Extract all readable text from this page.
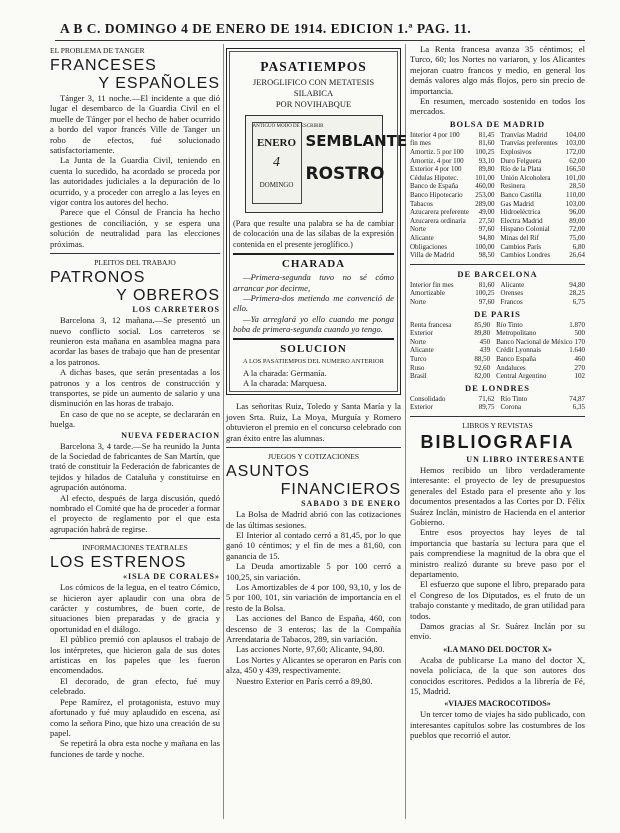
A B C. DOMINGO 4 DE ENERO DE 1914. EDICION 1.ª PAG. 11.
EL PROBLEMA DE TANGER
FRANCESES
Y ESPAÑOLES

Tánger 3, 11 noche.—El incidente a que dió lugar el desembarco de la Guardia Civil en el muelle de Tánger por el hecho de haber ocurrido a bordo del vapor francés Ville de Tanger un robo de efectos, fué solucionado satisfactoriamente.

La Junta de la Guardia Civil, teniendo en cuenta lo sucedido, ha acordado se proceda por las autoridades judiciales a la depuración de lo ocurrido, y a proceder con arreglo a las leyes en vigor contra los autores del hecho.

Parece que el Cónsul de Francia ha hecho gestiones de conciliación, y se espera una solución de neutralidad para las elecciones próximas.

PLEITOS DEL TRABAJO
PATRONOS
Y OBREROS
LOS CARRETEROS

Barcelona 3, 12 mañana.—Se presentó un nuevo conflicto social. Los carreteros se reunieron esta mañana en asamblea magna para acordar las bases de trabajo que han de presentar a los patronos.

A dichas bases, que serán presentadas a los patronos y a los centros de construcción y transportes, se pide un aumento de salario y una disminución en las horas de trabajo.

En caso de que no se acepte, se declararán en huelga.

NUEVA FEDERACION

Barcelona 3, 4 tarde.—Se ha reunido la Junta de la Sociedad de fabricantes de San Martín, que trató de constituir la Federación de fabricantes de tejidos y hilados de Cataluña y constituirse en agrupación autónoma.

Al efecto, después de larga discusión, quedó nombrado el Comité que ha de proceder a formar el proyecto de reglamento por el que esta agrupación habrá de regirse.

INFORMACIONES TEATRALES
LOS ESTRENOS
«ISLA DE CORALES»

Los cómicos de la legua, en el teatro Cómico, se hicieron ayer aplaudir con una obra de carácter y costumbres, de buen corte, de situaciones bien preparadas y de gracia y oportunidad en el diálogo.

El público premió con aplausos el trabajo de los intérpretes, que hicieron gala de sus dotes artísticas en los papeles que les fueron encomendados.

El decorado, de gran efecto, fué muy celebrado.

Pepe Ramírez, el protagonista, estuvo muy afortunado y fué muy aplaudido en escena, así como la señora Pino, que hizo una creación de su papel.

Se repetirá la obra esta noche y mañana en las funciones de tarde y noche.

PASATIEMPOS
JEROGLIFICO CON METATESIS
SILABICA
POR NOVIHABQUE
ANTIGUO MODO DE ESCRIBIR
ENERO
4
DOMINGO
SEMBLANTE
ROSTRO
(Para que resulte una palabra se ha de cambiar de colocación una de las sílabas de la expresión contenida en el presente jeroglífico.)
CHARADA

—Primera-segunda tuvo no sé cómo arrancar por decirme,

—Primera-dos metiendo me convenció de ello.

—Ya arreglará yo ello cuando me ponga boba de primera-segunda cuando yo tengo.

SOLUCION
A LOS PASATIEMPOS DEL NUMERO ANTERIOR

A la charada: Germanía.

A la charada: Marquesa.

Las señoritas Ruiz, Toledo y Santa María y la joven Srta. Ruiz, La Moya, Murguía y Romero obtuvieron el premio en el concurso celebrado con gran éxito entre las alumnas.

JUEGOS Y COTIZACIONES
ASUNTOS
FINANCIEROS
SABADO 3 DE ENERO

La Bolsa de Madrid abrió con las cotizaciones de las últimas sesiones.

El Interior al contado cerró a 81,45, por lo que ganó 10 céntimos; y el fin de mes a 81,60, con ganancia de 15.

La Deuda amortizable 5 por 100 cerró a 100,25, sin variación.

Los Amortizables de 4 por 100, 93,10, y los de 5 por 100, 101, sin variación de importancia en el resto de la Bolsa.

Las acciones del Banco de España, 460, con descenso de 3 enteros; las de la Compañía Arrendataria de Tabacos, 289, sin variación.

Las acciones Norte, 97,60; Alicante, 94,80.

Los Nortes y Alicantes se operaron en París con alza, 450 y 439, respectivamente.

Nuestro Exterior en París cerró a 89,80.

La Renta francesa avanza 35 céntimos; el Turco, 60; los Nortes no variaron, y los Alicantes mejoran cuatro francos y medio, en general los demás valores algo más flojos, pero sin precio de importancia.

En resumen, mercado sostenido en todos los mercados.

BOLSA DE MADRID
Interior 4 por 100	81,45
fin mes	81,60
Amortiz. 5 por 100 100,25
Amortiz. 4 por 100 93,10
Exterior 4 por 100 89,80
Cédulas Hipotec. 101,00
Banco de España 460,00
Banco Hipotecario 253,00
Tabacos	289,00
Azucarera preferente 49,00
Azucarera ordinaria 27,50
Norte	97,60
Alicante	94,80
Obligaciones	100,00
Villa de Madrid	98,50
Tranvías Madrid	104,00
Tranvías preferentes 103,00
Explosivos	172,00
Duro Felguera	62,00
Río de la Plata	166,50
Unión Alcoholera 101,00
Resinera	28,50
Banco Castilla	110,00
Gas Madrid	103,00
Hidroeléctrica	96,00
Electra Madrid	89,00
Hispano Colonial	72,00
Minas del Rif	75,00
Cambios París	6,80
Cambios Londres	26,64
DE BARCELONA
Interior fin mes	81,60
Amortizable	100,25
Norte	97,60
Alicante	94,80
Orenses	28,25
Francos	6,75
DE PARIS
Renta francesa	85,90
Exterior	89,80
Norte	450
Alicante	439
Turco	88,50
Ruso	92,60
Brasil	82,00
Río Tinto	1.870
Metropolitano	500
Banco Nacional de México 170
Crédit Lyonnais	1.640
Banco España	460
Andaluces	270
Central Argentino	102
DE LONDRES
Consolidado	71,62
Exterior	89,75
Río Tinto	74,87
Corona	6,35
LIBROS Y REVISTAS
BIBLIOGRAFIA
UN LIBRO INTERESANTE

Hemos recibido un libro verdaderamente interesante: el proyecto de ley de presupuestos generales del Estado para el presente año y los documentos presentados a las Cortes por D. Félix Suárez Inclán, ministro de Hacienda en el anterior Gobierno.

Entre esos proyectos hay leyes de tal importancia que bastaría su lectura para que el país comprendiese la magnitud de la obra que el ministro realizó durante su breve paso por el departamento.

El esfuerzo que supone el libro, preparado para el Congreso de los Diputados, es el fruto de un trabajo constante y meditado, de gran utilidad para todos.

Damos gracias al Sr. Suárez Inclán por su envío.

«LA MANO DEL DOCTOR X»

Acaba de publicarse La mano del doctor X, novela policíaca, de la que son autores dos conocidos escritores. Pedidos a la librería de Fé, 15, Madrid.

«VIAJES MACROCOTIDOS»

Un tercer tomo de viajes ha sido publicado, con interesantes capítulos sobre las costumbres de los pueblos que recorrió el autor.
